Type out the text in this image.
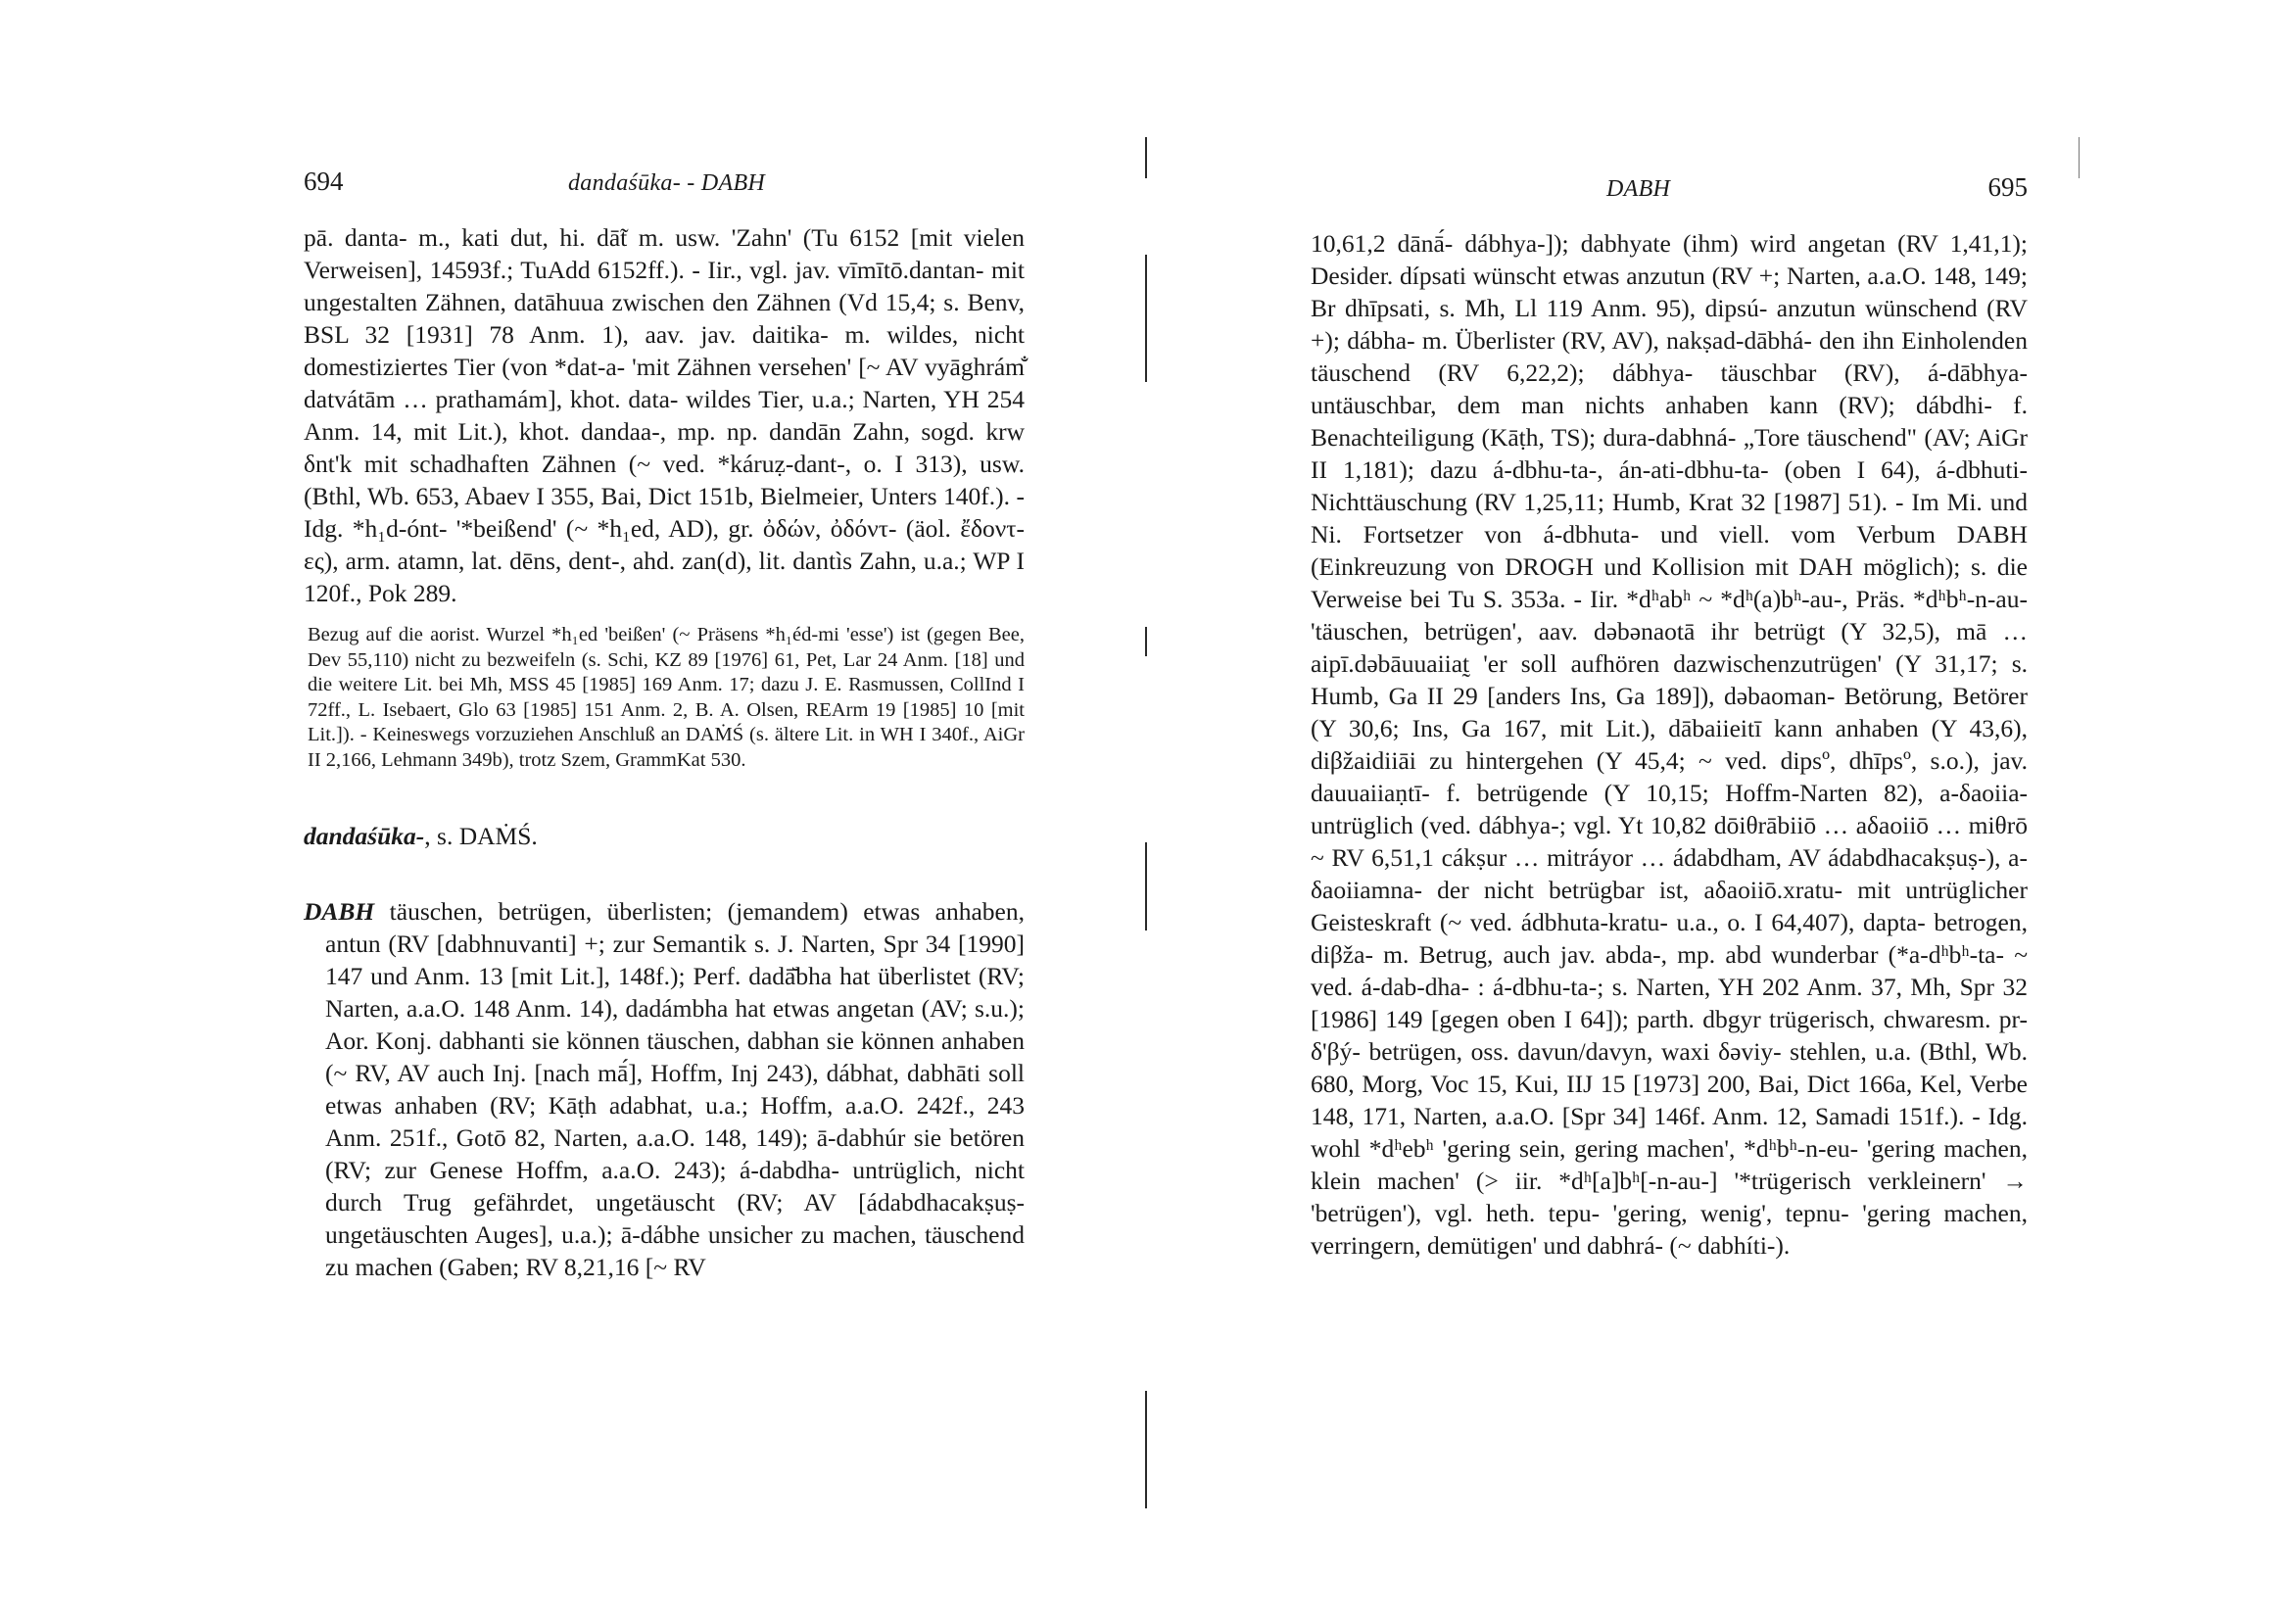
694	dandaśūka- - DABH

pā. danta- m., kati dut, hi. dā̃t m. usw. 'Zahn' (Tu 6152 [mit vielen Verweisen], 14593f.; TuAdd 6152ff.). - Iir., vgl. jav. vīmītō.dantan- mit ungestalten Zähnen, datāhuua zwischen den Zähnen (Vd 15,4; s. Benv, BSL 32 [1931] 78 Anm. 1), aav. jav. daitika- m. wildes, nicht domestiziertes Tier (von *dat-a- 'mit Zähnen versehen' [~ AV vyāghrám̐ datvátām … prathamám], khot. data- wildes Tier, u.a.; Narten, YH 254 Anm. 14, mit Lit.), khot. dandaa-, mp. np. dandān Zahn, sogd. krw δnt'k mit schadhaften Zähnen (~ ved. *káruẓ-dant-, o. I 313), usw. (Bthl, Wb. 653, Abaev I 355, Bai, Dict 151b, Bielmeier, Unters 140f.). - Idg. *h₁d-ónt- '*beißend' (~ *h₁ed, AD), gr. ὀδών, ὀδόντ- (äol. ἔδοντ-ες), arm. atamn, lat. dēns, dent-, ahd. zan(d), lit. dantìs Zahn, u.a.; WP I 120f., Pok 289.

Bezug auf die aorist. Wurzel *h₁ed 'beißen' (~ Präsens *h₁éd-mi 'esse') ist (gegen Bee, Dev 55,110) nicht zu bezweifeln (s. Schi, KZ 89 [1976] 61, Pet, Lar 24 Anm. [18] und die weitere Lit. bei Mh, MSS 45 [1985] 169 Anm. 17; dazu J. E. Rasmussen, CollInd I 72ff., L. Isebaert, Glo 63 [1985] 151 Anm. 2, B. A. Olsen, REArm 19 [1985] 10 [mit Lit.]). - Keineswegs vorzuziehen Anschluß an DAṀŚ (s. ältere Lit. in WH I 340f., AiGr II 2,166, Lehmann 349b), trotz Szem, GrammKat 530.

dandaśūka-, s. DAṀŚ.

DABH täuschen, betrügen, überlisten; (jemandem) etwas anhaben, antun (RV [dabhnuvanti] +; zur Semantik s. J. Narten, Spr 34 [1990] 147 und Anm. 13 [mit Lit.], 148f.); Perf. dadā̆bha hat überlistet (RV; Narten, a.a.O. 148 Anm. 14), dadámbha hat etwas angetan (AV; s.u.); Aor. Konj. dabhanti sie können täuschen, dabhan sie können anhaben (~ RV, AV auch Inj. [nach mā́], Hoffm, Inj 243), dábhat, dabhāti soll etwas anhaben (RV; Kāṭh adabhat, u.a.; Hoffm, a.a.O. 242f., 243 Anm. 251f., Gotō 82, Narten, a.a.O. 148, 149); ā-dabhúr sie betören (RV; zur Genese Hoffm, a.a.O. 243); á-dabdha- untrüglich, nicht durch Trug gefährdet, ungetäuscht (RV; AV [ádabdhacakṣuṣ- ungetäuschten Auges], u.a.); ā-dábhe unsicher zu machen, täuschend zu machen (Gaben; RV 8,21,16 [~ RV

DABH	695

10,61,2 dānā́- dábhya-]); dabhyate (ihm) wird angetan (RV 1,41,1); Desider. dípsati wünscht etwas anzutun (RV +; Narten, a.a.O. 148, 149; Br dhīpsati, s. Mh, Ll 119 Anm. 95), dipsú- anzutun wünschend (RV +); dábha- m. Überlister (RV, AV), nakṣad-dābhá- den ihn Einholenden täuschend (RV 6,22,2); dábhya- täuschbar (RV), á-dābhya- untäuschbar, dem man nichts anhaben kann (RV); dábdhi- f. Benachteiligung (Kāṭh, TS); dura-dabhná- „Tore täuschend" (AV; AiGr II 1,181); dazu á-dbhu-ta-, án-ati-dbhu-ta- (oben I 64), á-dbhuti- Nichttäuschung (RV 1,25,11; Humb, Krat 32 [1987] 51). - Im Mi. und Ni. Fortsetzer von á-dbhuta- und viell. vom Verbum DABH (Einkreuzung von DROGH und Kollision mit DAH möglich); s. die Verweise bei Tu S. 353a. - Iir. *dʰabʰ ~ *dʰ(a)bʰ-au-, Präs. *dʰbʰ-n-au- 'täuschen, betrügen', aav. dəbənaotā ihr betrügt (Y 32,5), mā … aipī.dəbāuuaiiat̰ 'er soll aufhören dazwischenzutrügen' (Y 31,17; s. Humb, Ga II 29 [anders Ins, Ga 189]), dəbaoman- Betörung, Betörer (Y 30,6; Ins, Ga 167, mit Lit.), dābaiieitī kann anhaben (Y 43,6), diβžaidiiāi zu hintergehen (Y 45,4; ~ ved. dipsº, dhīpsº, s.o.), jav. dauuaiiaṇtī- f. betrügende (Y 10,15; Hoffm-Narten 82), a-δaoiia- untrüglich (ved. dábhya-; vgl. Yt 10,82 dōiθrābiiō … aδaoiiō … miθrō ~ RV 6,51,1 cákṣur … mitráyor … ádabdham, AV ádabdhacakṣuṣ-), a-δaoiiamna- der nicht betrügbar ist, aδaoiiō.xratu- mit untrüglicher Geisteskraft (~ ved. ádbhuta-kratu- u.a., o. I 64,407), dapta- betrogen, diβža- m. Betrug, auch jav. abda-, mp. abd wunderbar (*a-dʰbʰ-ta- ~ ved. á-dab-dha- : á-dbhu-ta-; s. Narten, YH 202 Anm. 37, Mh, Spr 32 [1986] 149 [gegen oben I 64]); parth. dbgyr trügerisch, chwaresm. pr-δ'βý- betrügen, oss. davun/davyn, waxi δəviy- stehlen, u.a. (Bthl, Wb. 680, Morg, Voc 15, Kui, IIJ 15 [1973] 200, Bai, Dict 166a, Kel, Verbe 148, 171, Narten, a.a.O. [Spr 34] 146f. Anm. 12, Samadi 151f.). - Idg. wohl *dʰebʰ 'gering sein, gering machen', *dʰbʰ-n-eu- 'gering machen, klein machen' (> iir. *dʰ[a]bʰ[-n-au-] '*trügerisch verkleinern' → 'betrügen'), vgl. heth. tepu- 'gering, wenig', tepnu- 'gering machen, verringern, demütigen' und dabhrá- (~ dabhíti-).
